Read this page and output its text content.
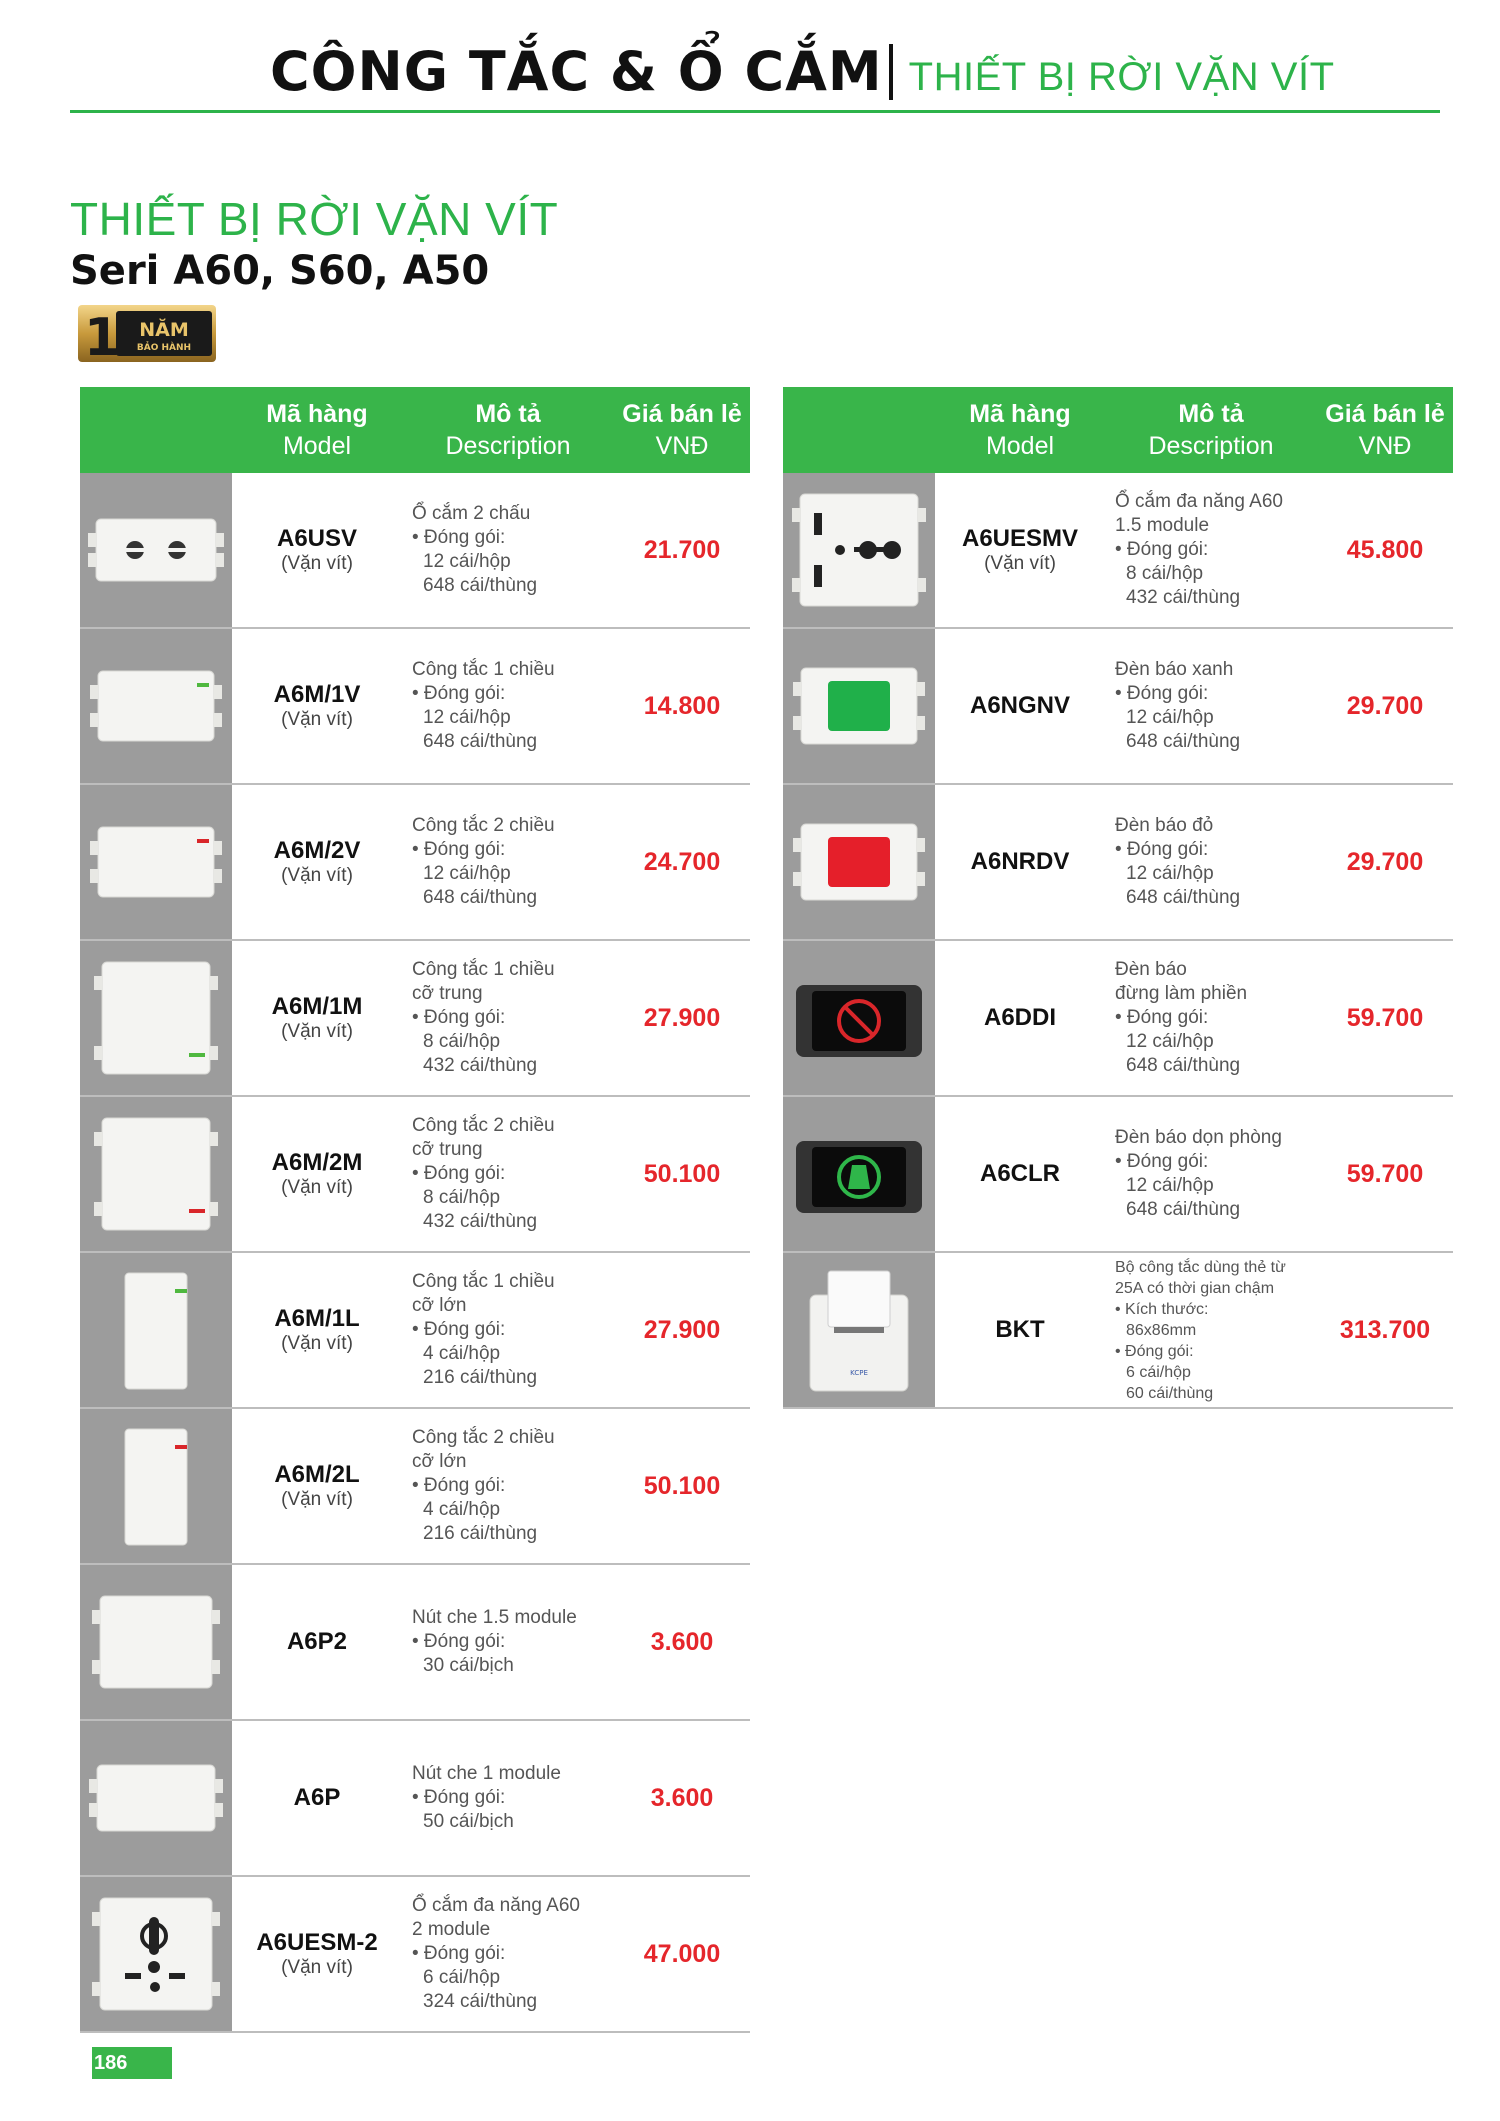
CÔNG TẮC & Ổ CẮM THIẾT BỊ RỜI VẶN VÍT
THIẾT BỊ RỜI VẶN VÍT
Seri A60, S60, A50
1 NĂM
BẢO HÀNH
Mã hàng
Model
Mô tả
Description
Giá bán lẻ
VNĐ
A6USV
(Vặn vít)
Ổ cắm 2 chấu
• Đóng gói:
12 cái/hộp
648 cái/thùng
21.700
A6M/1V
(Vặn vít)
Công tắc 1 chiều
• Đóng gói:
12 cái/hộp
648 cái/thùng
14.800
A6M/2V
(Vặn vít)
Công tắc 2 chiều
• Đóng gói:
12 cái/hộp
648 cái/thùng
24.700
A6M/1M
(Vặn vít)
Công tắc 1 chiều
cỡ trung
• Đóng gói:
8 cái/hộp
432 cái/thùng
27.900
A6M/2M
(Vặn vít)
Công tắc 2 chiều
cỡ trung
• Đóng gói:
8 cái/hộp
432 cái/thùng
50.100
A6M/1L
(Vặn vít)
Công tắc 1 chiều
cỡ lớn
• Đóng gói:
4 cái/hộp
216 cái/thùng
27.900
A6M/2L
(Vặn vít)
Công tắc 2 chiều
cỡ lớn
• Đóng gói:
4 cái/hộp
216 cái/thùng
50.100
A6P2
Nút che 1.5 module
• Đóng gói:
30 cái/bịch
3.600
A6P
Nút che 1 module
• Đóng gói:
50 cái/bịch
3.600
A6UESM-2
(Vặn vít)
Ổ cắm đa năng A60
2 module
• Đóng gói:
6 cái/hộp
324 cái/thùng
47.000
Mã hàng
Model
Mô tả
Description
Giá bán lẻ
VNĐ
A6UESMV
(Vặn vít)
Ổ cắm đa năng A60
1.5 module
• Đóng gói:
8 cái/hộp
432 cái/thùng
45.800
A6NGNV
Đèn báo xanh
• Đóng gói:
12 cái/hộp
648 cái/thùng
29.700
A6NRDV
Đèn báo đỏ
• Đóng gói:
12 cái/hộp
648 cái/thùng
29.700
A6DDI
Đèn báo
đừng làm phiền
• Đóng gói:
12 cái/hộp
648 cái/thùng
59.700
A6CLR
Đèn báo dọn phòng
• Đóng gói:
12 cái/hộp
648 cái/thùng
59.700
KCPE
BKT
Bộ công tắc dùng thẻ từ
25A có thời gian chậm
• Kích thước:
86x86mm
• Đóng gói:
6 cái/hộp
60 cái/thùng
313.700
186
